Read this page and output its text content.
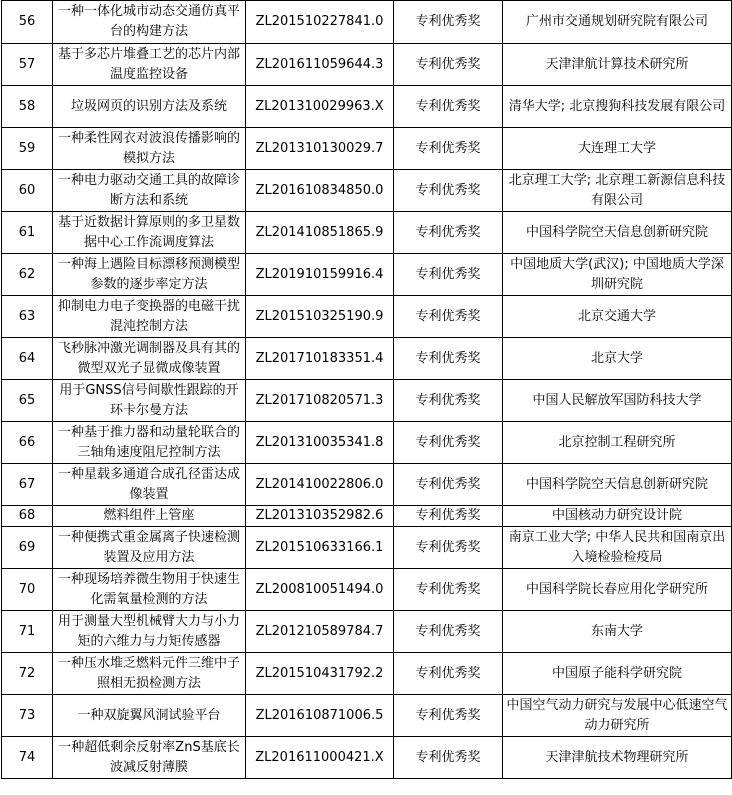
56	一种一体化城市动态交通仿真平台的构建方法	ZL201510227841.0	专利优秀奖	广州市交通规划研究院有限公司
57	基于多芯片堆叠工艺的芯片内部温度监控设备	ZL201611059644.3	专利优秀奖	天津津航计算技术研究所
58	垃圾网页的识别方法及系统	ZL201310029963.X	专利优秀奖	清华大学; 北京搜狗科技发展有限公司
59	一种柔性网衣对波浪传播影响的模拟方法	ZL201310130029.7	专利优秀奖	大连理工大学
60	一种电力驱动交通工具的故障诊断方法和系统	ZL201610834850.0	专利优秀奖	北京理工大学; 北京理工新源信息科技有限公司
61	基于近数据计算原则的多卫星数据中心工作流调度算法	ZL201410851865.9	专利优秀奖	中国科学院空天信息创新研究院
62	一种海上遇险目标漂移预测模型参数的逐步率定方法	ZL201910159916.4	专利优秀奖	中国地质大学(武汉); 中国地质大学深圳研究院
63	抑制电力电子变换器的电磁干扰混沌控制方法	ZL201510325190.9	专利优秀奖	北京交通大学
64	飞秒脉冲激光调制器及具有其的微型双光子显微成像装置	ZL201710183351.4	专利优秀奖	北京大学
65	用于GNSS信号间歇性跟踪的开环卡尔曼方法	ZL201710820571.3	专利优秀奖	中国人民解放军国防科技大学
66	一种基于推力器和动量轮联合的三轴角速度阻尼控制方法	ZL201310035341.8	专利优秀奖	北京控制工程研究所
67	一种星载多通道合成孔径雷达成像装置	ZL201410022806.0	专利优秀奖	中国科学院空天信息创新研究院
68	燃料组件上管座	ZL201310352982.6	专利优秀奖	中国核动力研究设计院
69	一种便携式重金属离子快速检测装置及应用方法	ZL201510633166.1	专利优秀奖	南京工业大学; 中华人民共和国南京出入境检验检疫局
70	一种现场培养微生物用于快速生化需氧量检测的方法	ZL200810051494.0	专利优秀奖	中国科学院长春应用化学研究所
71	用于测量大型机械臂大力与小力矩的六维力与力矩传感器	ZL201210589784.7	专利优秀奖	东南大学
72	一种压水堆乏燃料元件三维中子照相无损检测方法	ZL201510431792.2	专利优秀奖	中国原子能科学研究院
73	一种双旋翼风洞试验平台	ZL201610871006.5	专利优秀奖	中国空气动力研究与发展中心低速空气动力研究所
74	一种超低剩余反射率ZnS基底长波减反射薄膜	ZL201611000421.X	专利优秀奖	天津津航技术物理研究所
